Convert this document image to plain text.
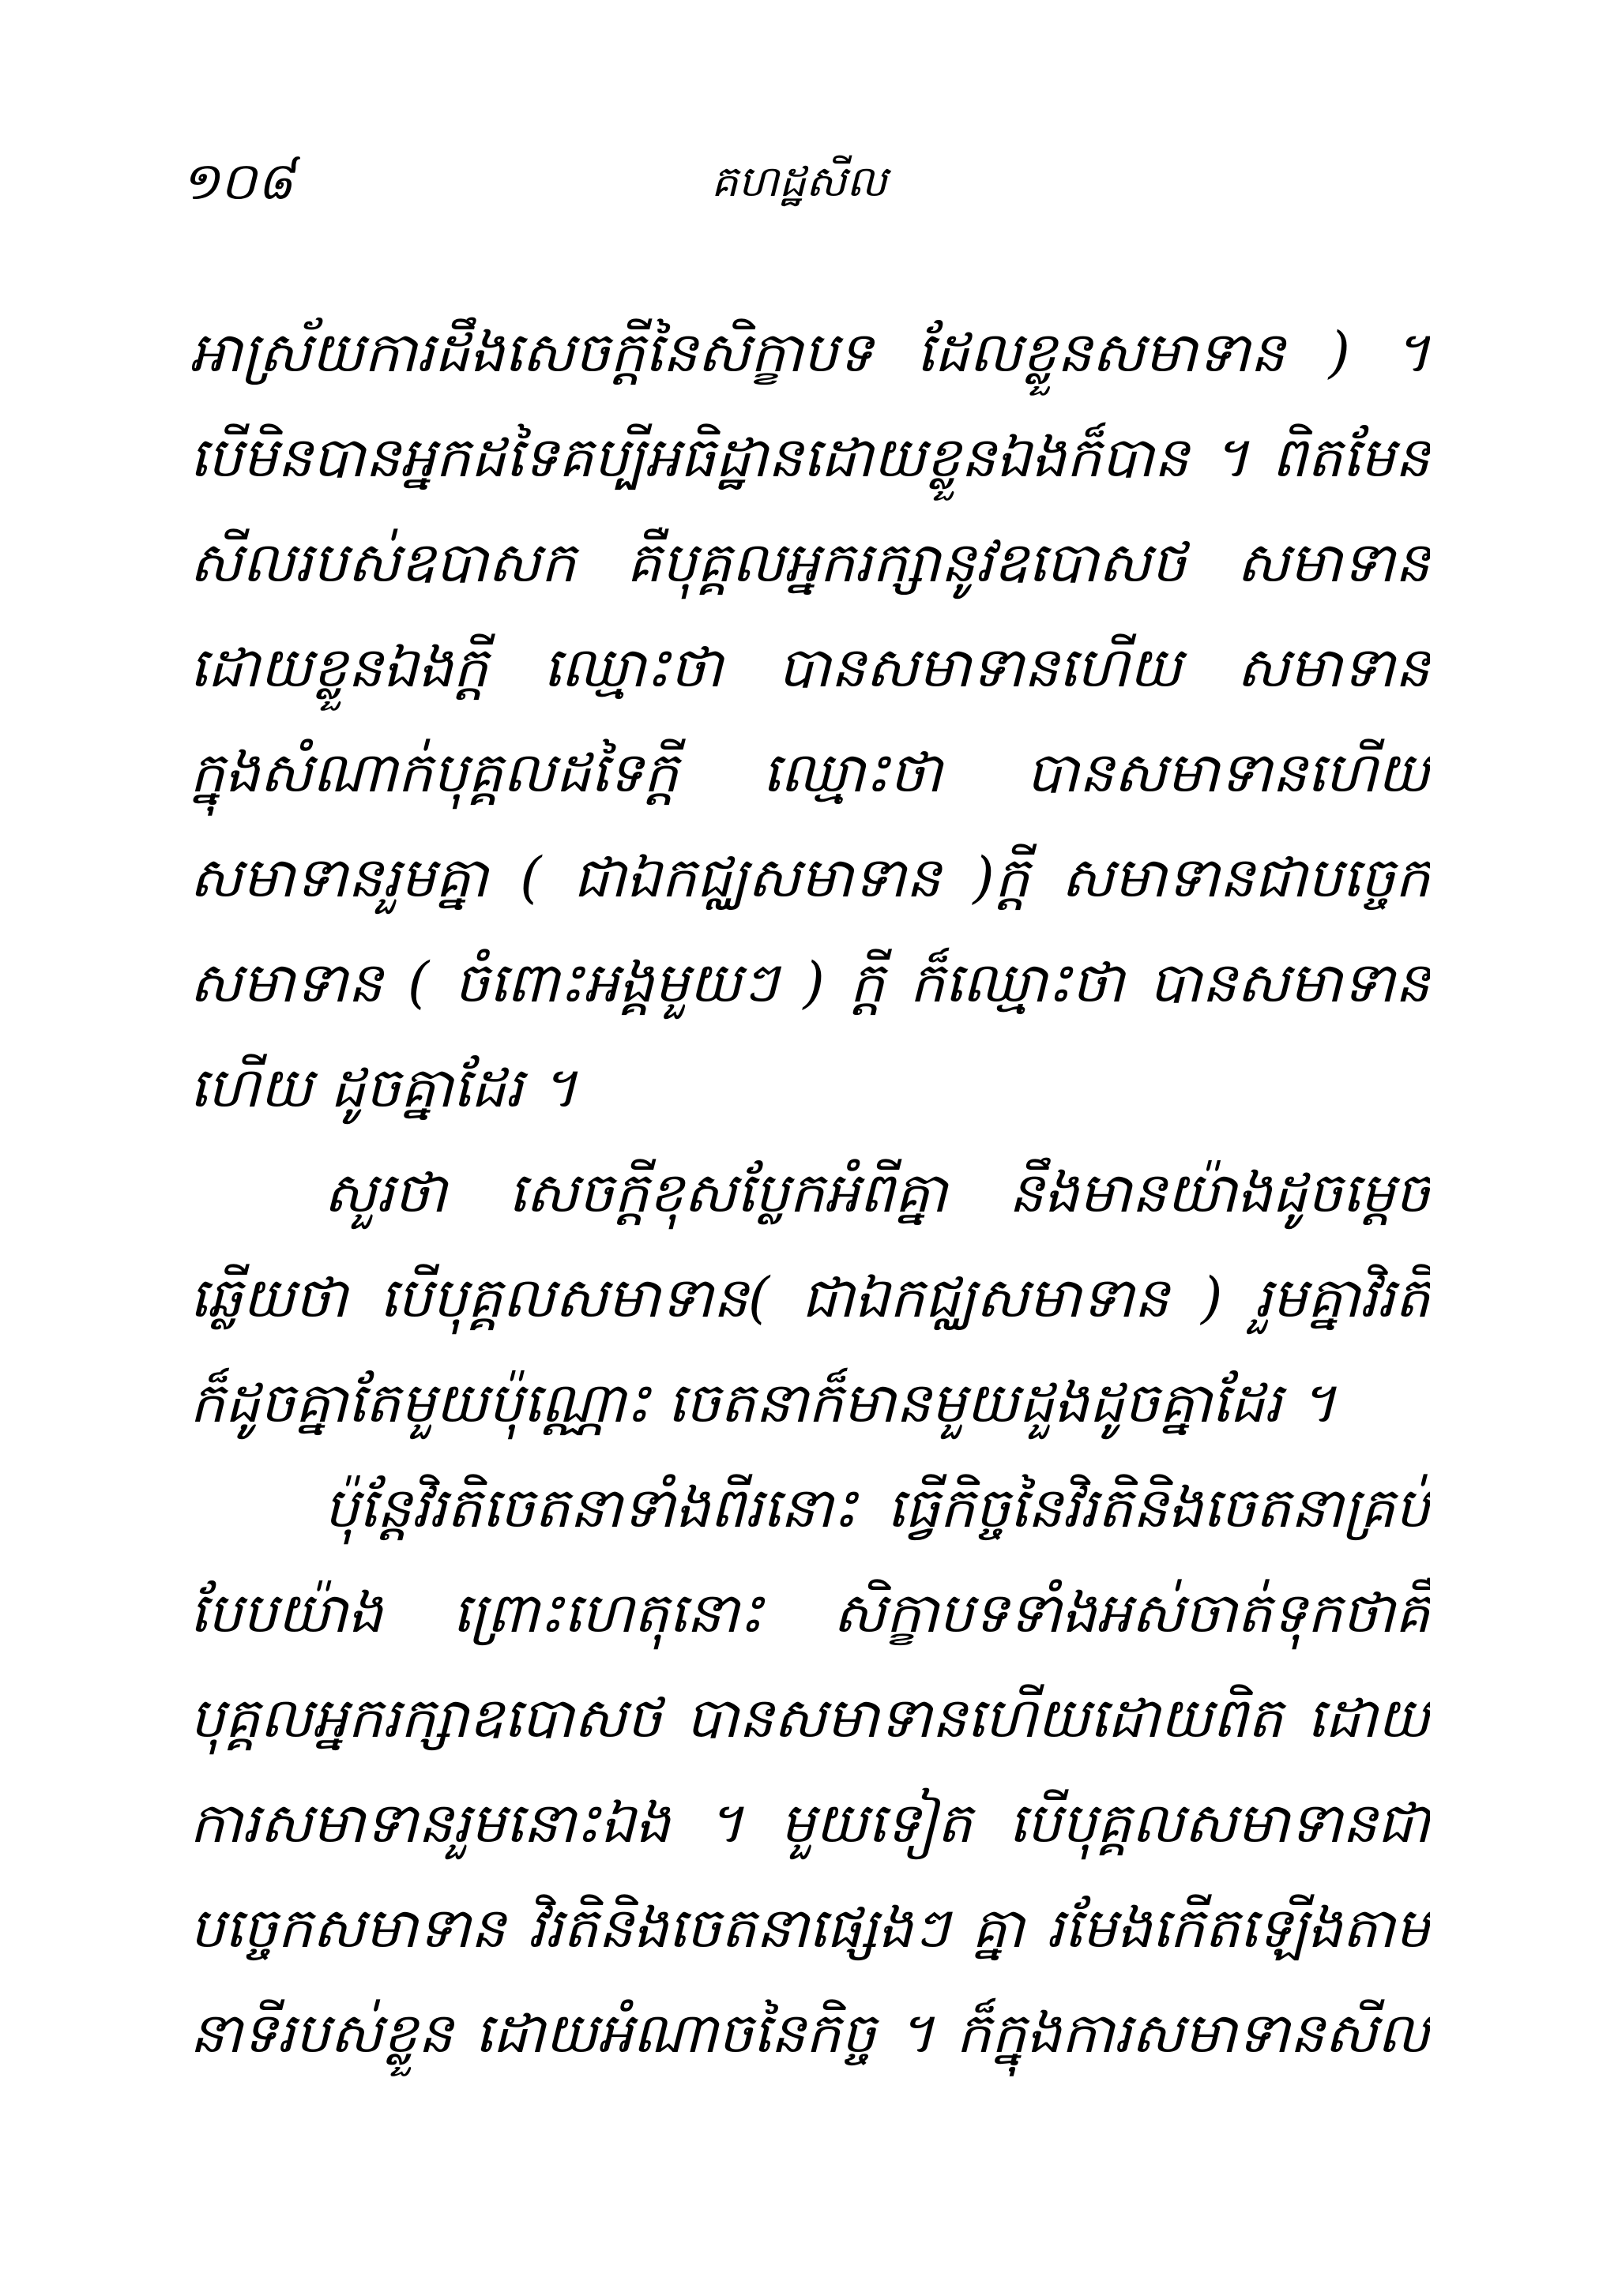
១០៨	គហដ្ឋសីល
អាស្រ័យការដឹងសេចក្តីនៃសិក្ខាបទ ដែលខ្លួនសមាទាន ) ។
បើមិនបានអ្នកដទៃគប្បីអធិដ្ឋានដោយខ្លួនឯងក៏បាន ។ ពិតមែន
សីលរបស់ឧបាសក គឺបុគ្គលអ្នករក្សានូវឧបោសថ សមាទាន
ដោយខ្លួនឯងក្តី ឈ្មោះថា បានសមាទានហើយ សមាទាន
ក្នុងសំណាក់បុគ្គលដទៃក្តី ឈ្មោះថា បានសមាទានហើយ
សមាទានរួមគ្នា ( ជាឯកជ្ឈសមាទាន )ក្តី សមាទានជាបច្ចេក
សមាទាន ( ចំពោះអង្គមួយៗ ) ក្តី ក៏ឈ្មោះថា បានសមាទាន
ហើយ ដូចគ្នាដែរ ។
សួរថា សេចក្តីខុសប្លែកអំពីគ្នា នឹងមានយ៉ាងដូចម្តេច
ឆ្លើយថា បើបុគ្គលសមាទាន( ជាឯកជ្ឈសមាទាន ) រួមគ្នាវិរតិ
ក៏ដូចគ្នាតែមួយប៉ុណ្ណោះ ចេតនាក៏មានមួយដួងដូចគ្នាដែរ ។
ប៉ុន្តែវិរតិចេតនាទាំងពីរនោះ ធ្វើកិច្ចនៃវិរតិនិងចេតនាគ្រប់
បែបយ៉ាង ព្រោះហេតុនោះ សិក្ខាបទទាំងអស់ចាត់ទុកថាគឺ
បុគ្គលអ្នករក្សាឧបោសថ បានសមាទានហើយដោយពិត ដោយ
ការសមាទានរួមនោះឯង ។ មួយទៀត បើបុគ្គលសមាទានជា
បច្ចេកសមាទាន វិរតិនិងចេតនាផ្សេងៗ គ្នា រមែងកើតឡើងតាម
នាទីរបស់ខ្លួន ដោយអំណាចនៃកិច្ច ។ ក៏ក្នុងការសមាទានសីល
